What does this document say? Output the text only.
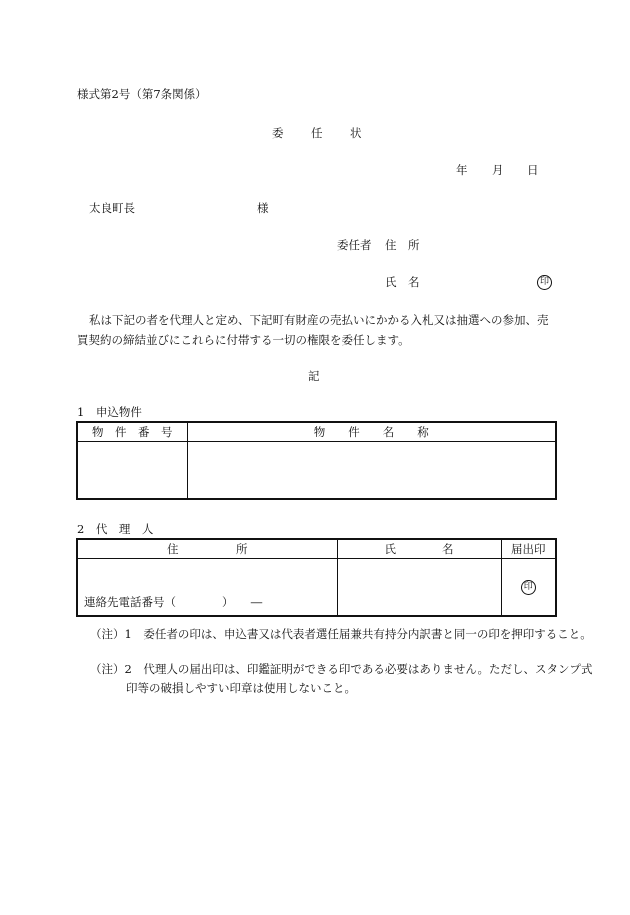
様式第2号（第7条関係）
委　任　状
年 月 日
太良町長	様
委任者 住　所
氏　名	印
私は下記の者を代理人と定め、下記町有財産の売払いにかかる入札又は抽選への参加、売買契約の締結並びにこれらに付帯する一切の権限を委任します。
記
1　申込物件
物　件　番　号	物　　件　　名　　称

2　代　理　人
住　　　　　所	氏　　　　名	届出印

連絡先電話番号（　　　　）　　―		印
（注）1　委任者の印は、申込書又は代表者選任届兼共有持分内訳書と同一の印を押印すること。
（注）2　代理人の届出印は、印鑑証明ができる印である必要はありません。ただし、スタンプ式印等の破損しやすい印章は使用しないこと。
